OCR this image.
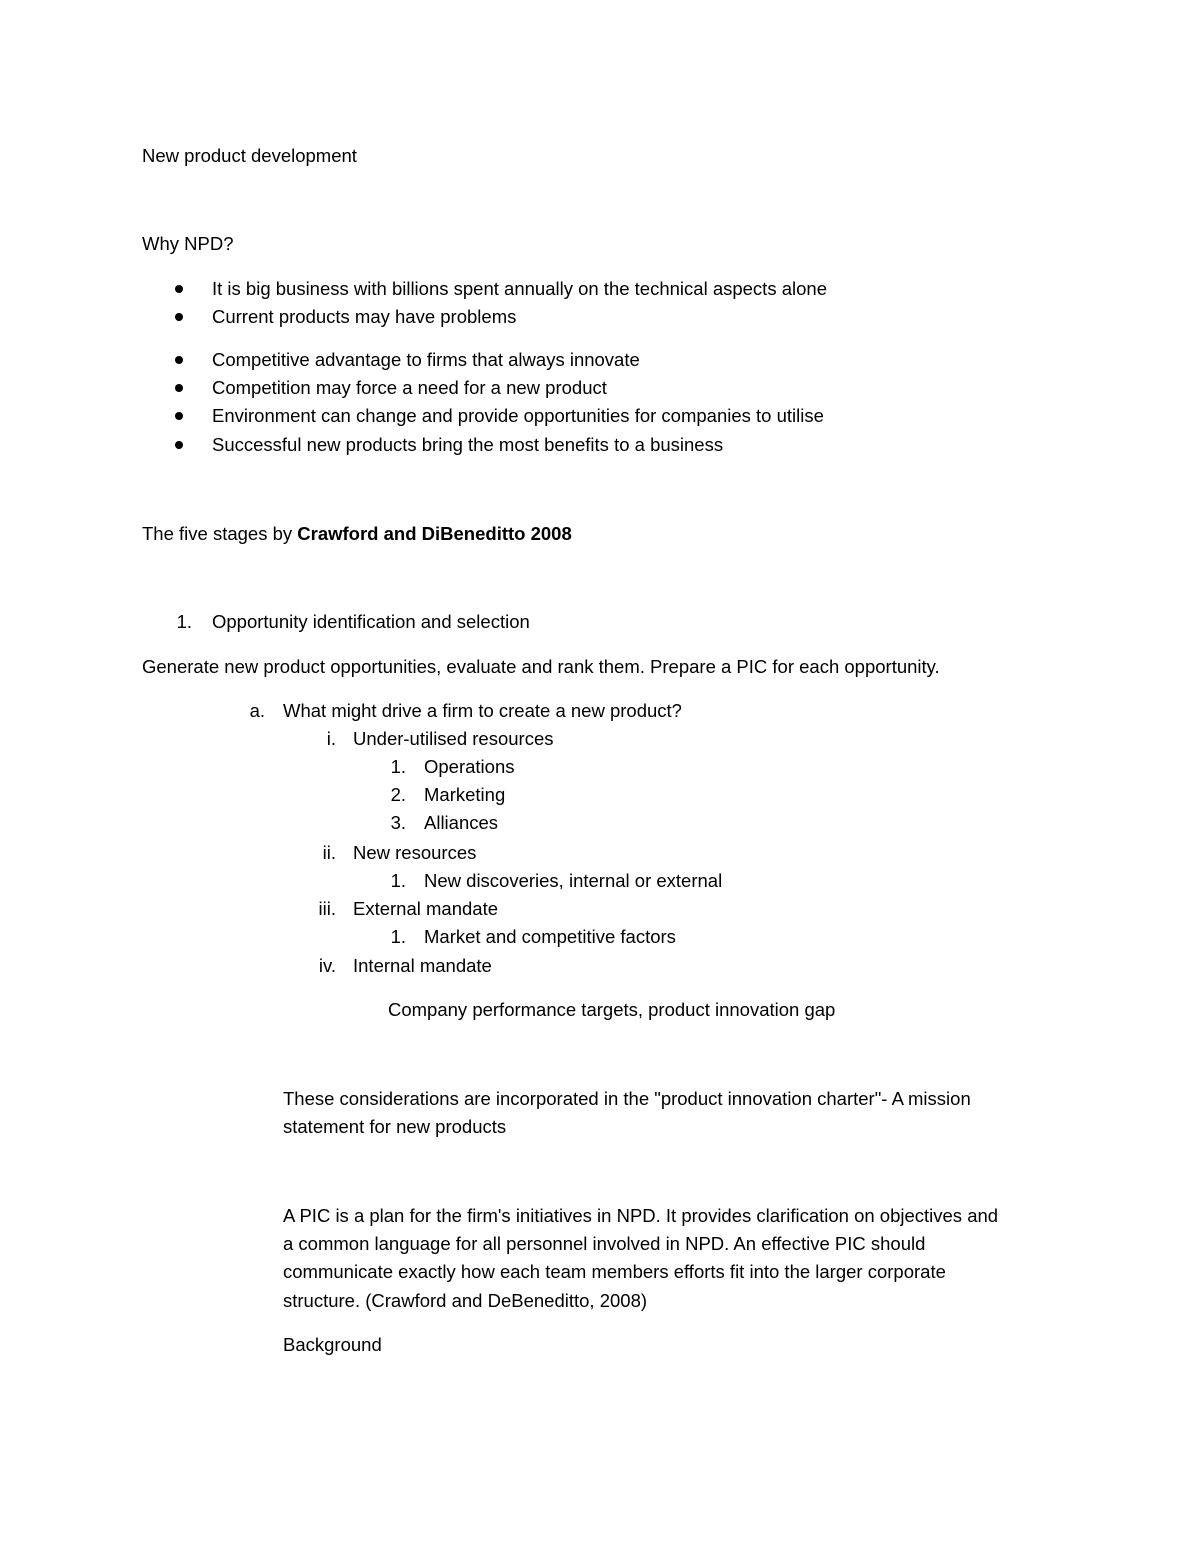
New product development
Why NPD?
It is big business with billions spent annually on the technical aspects alone
Current products may have problems
Competitive advantage to firms that always innovate
Competition may force a need for a new product
Environment can change and provide opportunities for companies to utilise
Successful new products bring the most benefits to a business
The five stages by Crawford and DiBeneditto 2008
1. Opportunity identification and selection
Generate new product opportunities, evaluate and rank them. Prepare a PIC for each opportunity.
a. What might drive a firm to create a new product?
i. Under-utilised resources
1. Operations
2. Marketing
3. Alliances
ii. New resources
1. New discoveries, internal or external
iii. External mandate
1. Market and competitive factors
iv. Internal mandate
Company performance targets, product innovation gap
These considerations are incorporated in the "product innovation charter"- A mission
statement for new products
A PIC is a plan for the firm's initiatives in NPD. It provides clarification on objectives and
a common language for all personnel involved in NPD. An effective PIC should
communicate exactly how each team members efforts fit into the larger corporate
structure. (Crawford and DeBeneditto, 2008)
Background
